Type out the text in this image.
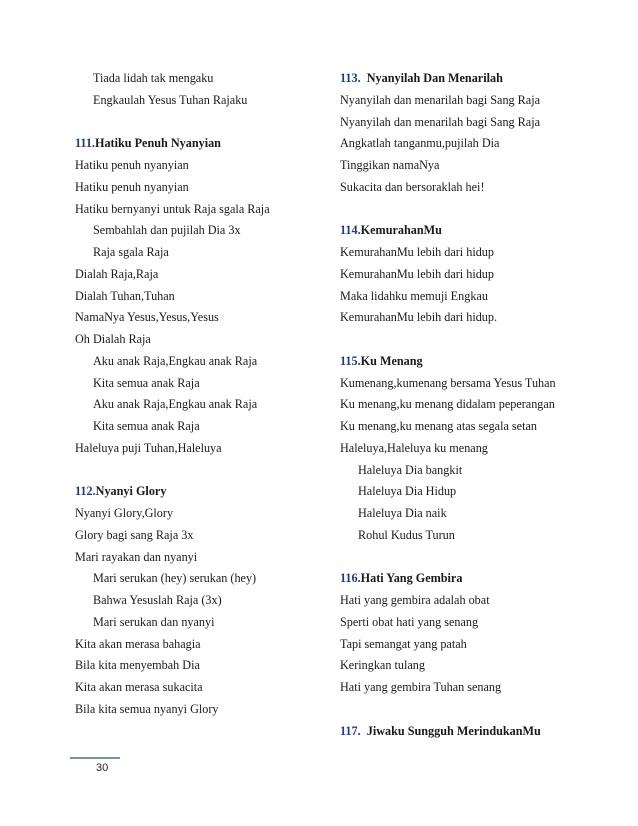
Tiada lidah tak mengaku
Engkaulah Yesus Tuhan Rajaku
111.Hatiku Penuh Nyanyian
Hatiku penuh nyanyian
Hatiku penuh nyanyian
Hatiku bernyanyi untuk Raja sgala Raja
Sembahlah dan pujilah Dia 3x
Raja sgala Raja
Dialah Raja,Raja
Dialah Tuhan,Tuhan
NamaNya Yesus,Yesus,Yesus
Oh Dialah Raja
Aku anak Raja,Engkau anak Raja
Kita semua anak Raja
Aku anak Raja,Engkau anak Raja
Kita semua anak Raja
Haleluya puji Tuhan,Haleluya
112.Nyanyi Glory
Nyanyi Glory,Glory
Glory bagi sang Raja 3x
Mari rayakan dan nyanyi
Mari serukan (hey) serukan (hey)
Bahwa Yesuslah Raja (3x)
Mari serukan dan nyanyi
Kita akan merasa bahagia
Bila kita menyembah Dia
Kita akan merasa sukacita
Bila kita semua nyanyi Glory
113. Nyanyilah Dan Menarilah
Nyanyilah dan menarilah bagi Sang Raja
Nyanyilah dan menarilah bagi Sang Raja
Angkatlah tanganmu,pujilah Dia
Tinggikan namaNya
Sukacita dan bersoraklah hei!
114.KemurahanMu
KemurahanMu lebih dari hidup
KemurahanMu lebih dari hidup
Maka lidahku memuji Engkau
KemurahanMu lebih dari hidup.
115.Ku Menang
Kumenang,kumenang bersama Yesus Tuhan
Ku menang,ku menang didalam peperangan
Ku menang,ku menang atas segala setan
Haleluya,Haleluya ku menang
Haleluya Dia bangkit
Haleluya Dia Hidup
Haleluya Dia naik
Rohul Kudus Turun
116.Hati Yang Gembira
Hati yang gembira adalah obat
Sperti obat hati yang senang
Tapi semangat yang patah
Keringkan tulang
Hati yang gembira Tuhan senang
117. Jiwaku Sungguh MerindukanMu
30
